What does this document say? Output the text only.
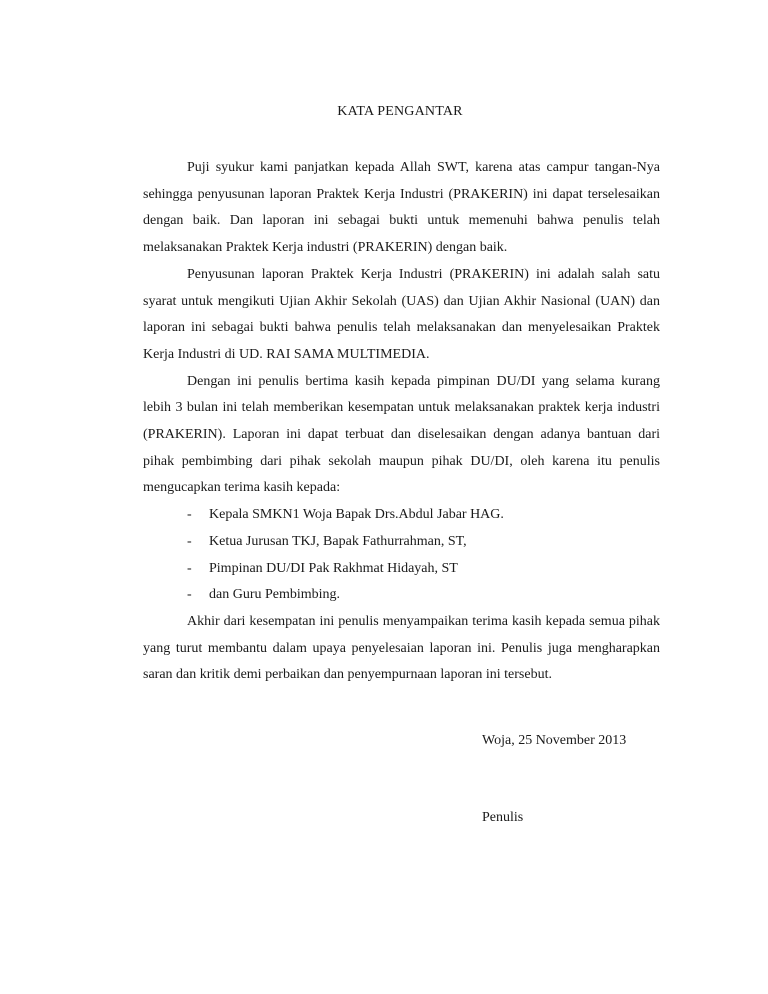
KATA PENGANTAR

Puji syukur kami panjatkan kepada Allah SWT, karena atas campur tangan-Nya sehingga penyusunan laporan Praktek Kerja Industri (PRAKERIN) ini dapat terselesaikan dengan baik. Dan laporan ini sebagai bukti untuk memenuhi bahwa penulis telah melaksanakan Praktek Kerja industri (PRAKERIN) dengan baik.

Penyusunan laporan Praktek Kerja Industri (PRAKERIN) ini adalah salah satu syarat untuk mengikuti Ujian Akhir Sekolah (UAS) dan Ujian Akhir Nasional (UAN) dan laporan ini sebagai bukti bahwa penulis telah melaksanakan dan menyelesaikan Praktek Kerja Industri di UD. RAI SAMA MULTIMEDIA.

Dengan ini penulis bertima kasih kepada pimpinan DU/DI yang selama kurang lebih 3 bulan ini telah memberikan kesempatan untuk melaksanakan praktek kerja industri (PRAKERIN). Laporan ini dapat terbuat dan diselesaikan dengan adanya bantuan dari pihak pembimbing dari pihak sekolah maupun pihak DU/DI, oleh karena itu penulis mengucapkan terima kasih kepada:

-	Kepala SMKN1 Woja Bapak Drs.Abdul Jabar HAG.
-	Ketua Jurusan TKJ, Bapak Fathurrahman, ST,
-	Pimpinan DU/DI Pak Rakhmat Hidayah, ST
-	dan Guru Pembimbing.

Akhir dari kesempatan ini penulis menyampaikan terima kasih kepada semua pihak yang turut membantu dalam upaya penyelesaian laporan ini. Penulis juga mengharapkan saran dan kritik demi perbaikan dan penyempurnaan laporan ini tersebut.

Woja, 25 November 2013
Penulis
